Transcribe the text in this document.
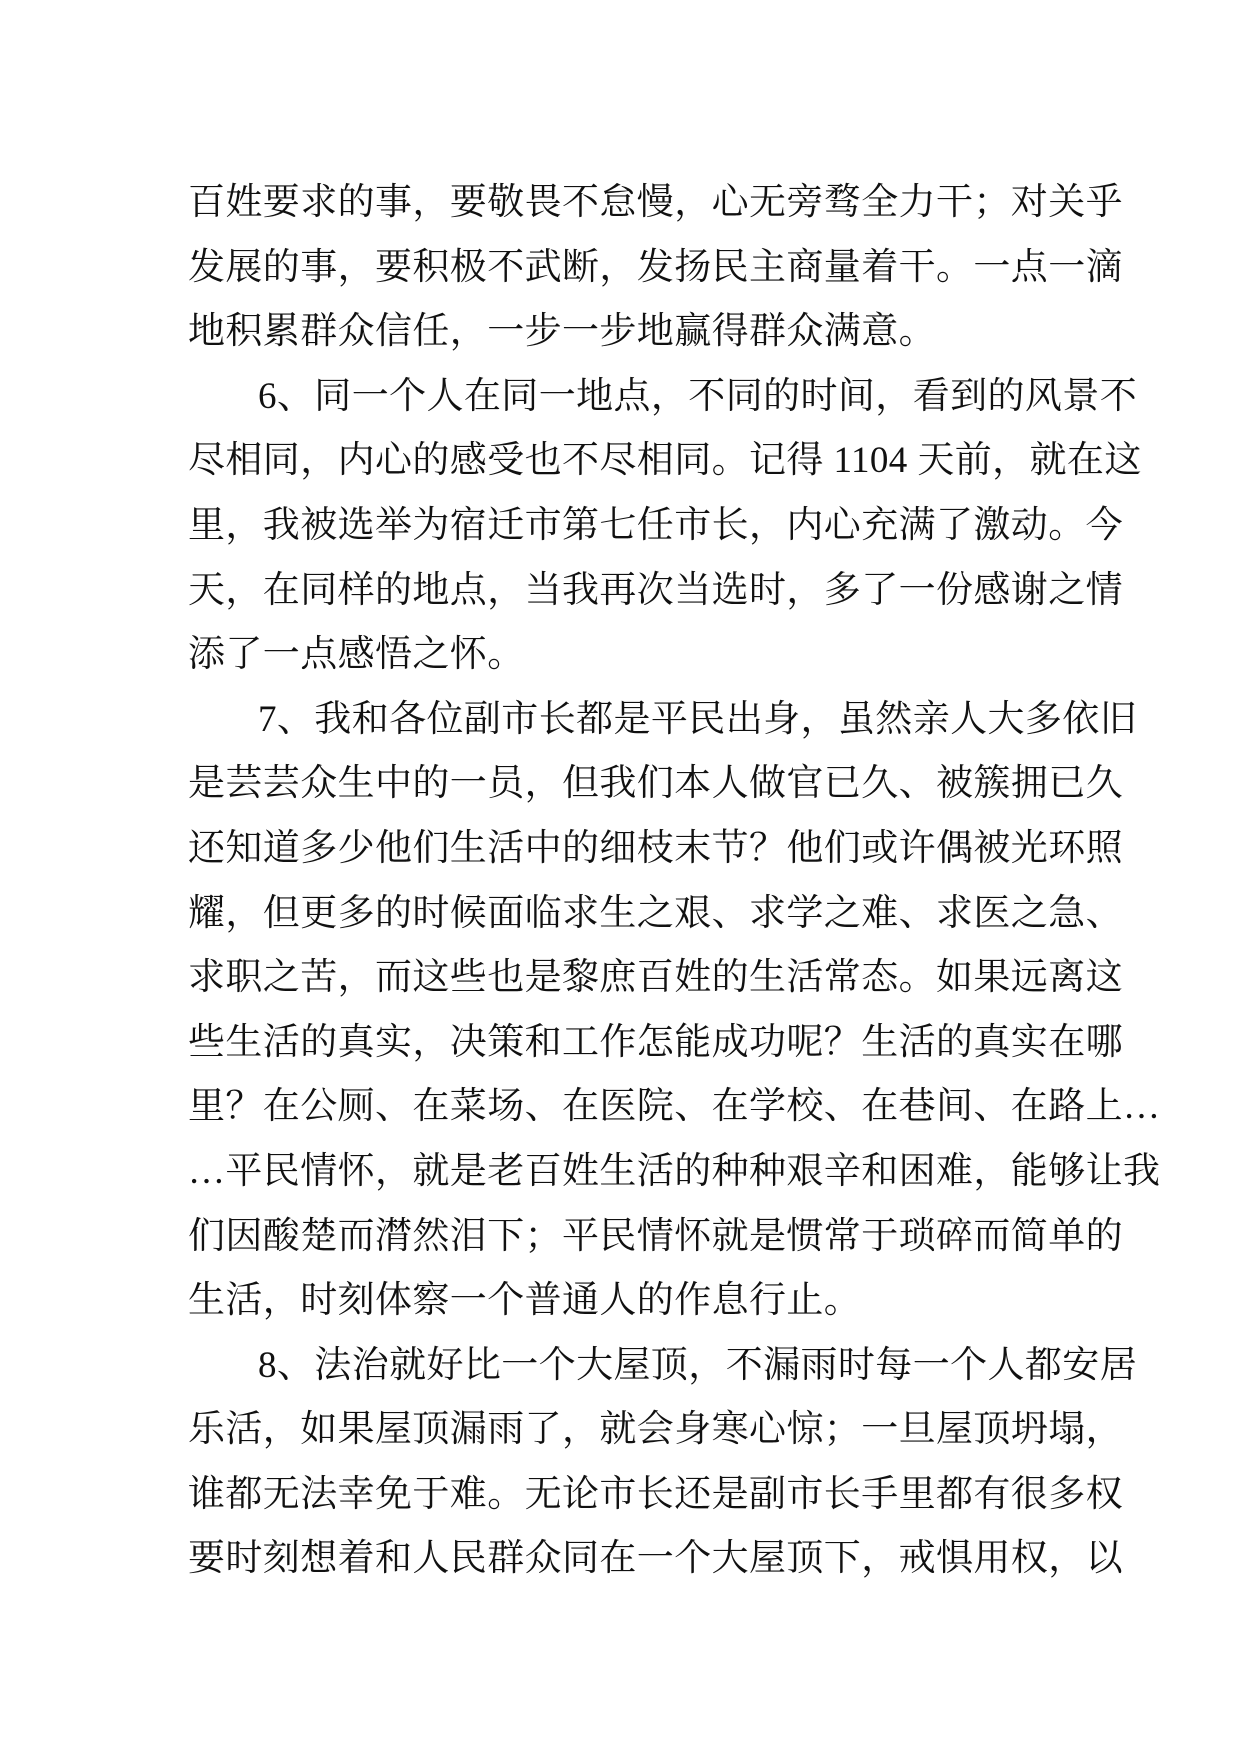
百姓要求的事，要敬畏不怠慢，心无旁骛全力干；对关乎
发展的事，要积极不武断，发扬民主商量着干。一点一滴
地积累群众信任，一步一步地赢得群众满意。
6、同一个人在同一地点，不同的时间，看到的风景不
尽相同，内心的感受也不尽相同。记得 1104 天前，就在这
里，我被选举为宿迁市第七任市长，内心充满了激动。今
天，在同样的地点，当我再次当选时，多了一份感谢之情
添了一点感悟之怀。
7、我和各位副市长都是平民出身，虽然亲人大多依旧
是芸芸众生中的一员，但我们本人做官已久、被簇拥已久
还知道多少他们生活中的细枝末节？他们或许偶被光环照
耀，但更多的时候面临求生之艰、求学之难、求医之急、
求职之苦，而这些也是黎庶百姓的生活常态。如果远离这
些生活的真实，决策和工作怎能成功呢？生活的真实在哪
里？在公厕、在菜场、在医院、在学校、在巷间、在路上…
…平民情怀，就是老百姓生活的种种艰辛和困难，能够让我
们因酸楚而潸然泪下；平民情怀就是惯常于琐碎而简单的
生活，时刻体察一个普通人的作息行止。
8、法治就好比一个大屋顶，不漏雨时每一个人都安居
乐活，如果屋顶漏雨了，就会身寒心惊；一旦屋顶坍塌，
谁都无法幸免于难。无论市长还是副市长手里都有很多权
要时刻想着和人民群众同在一个大屋顶下，戒惧用权，以
